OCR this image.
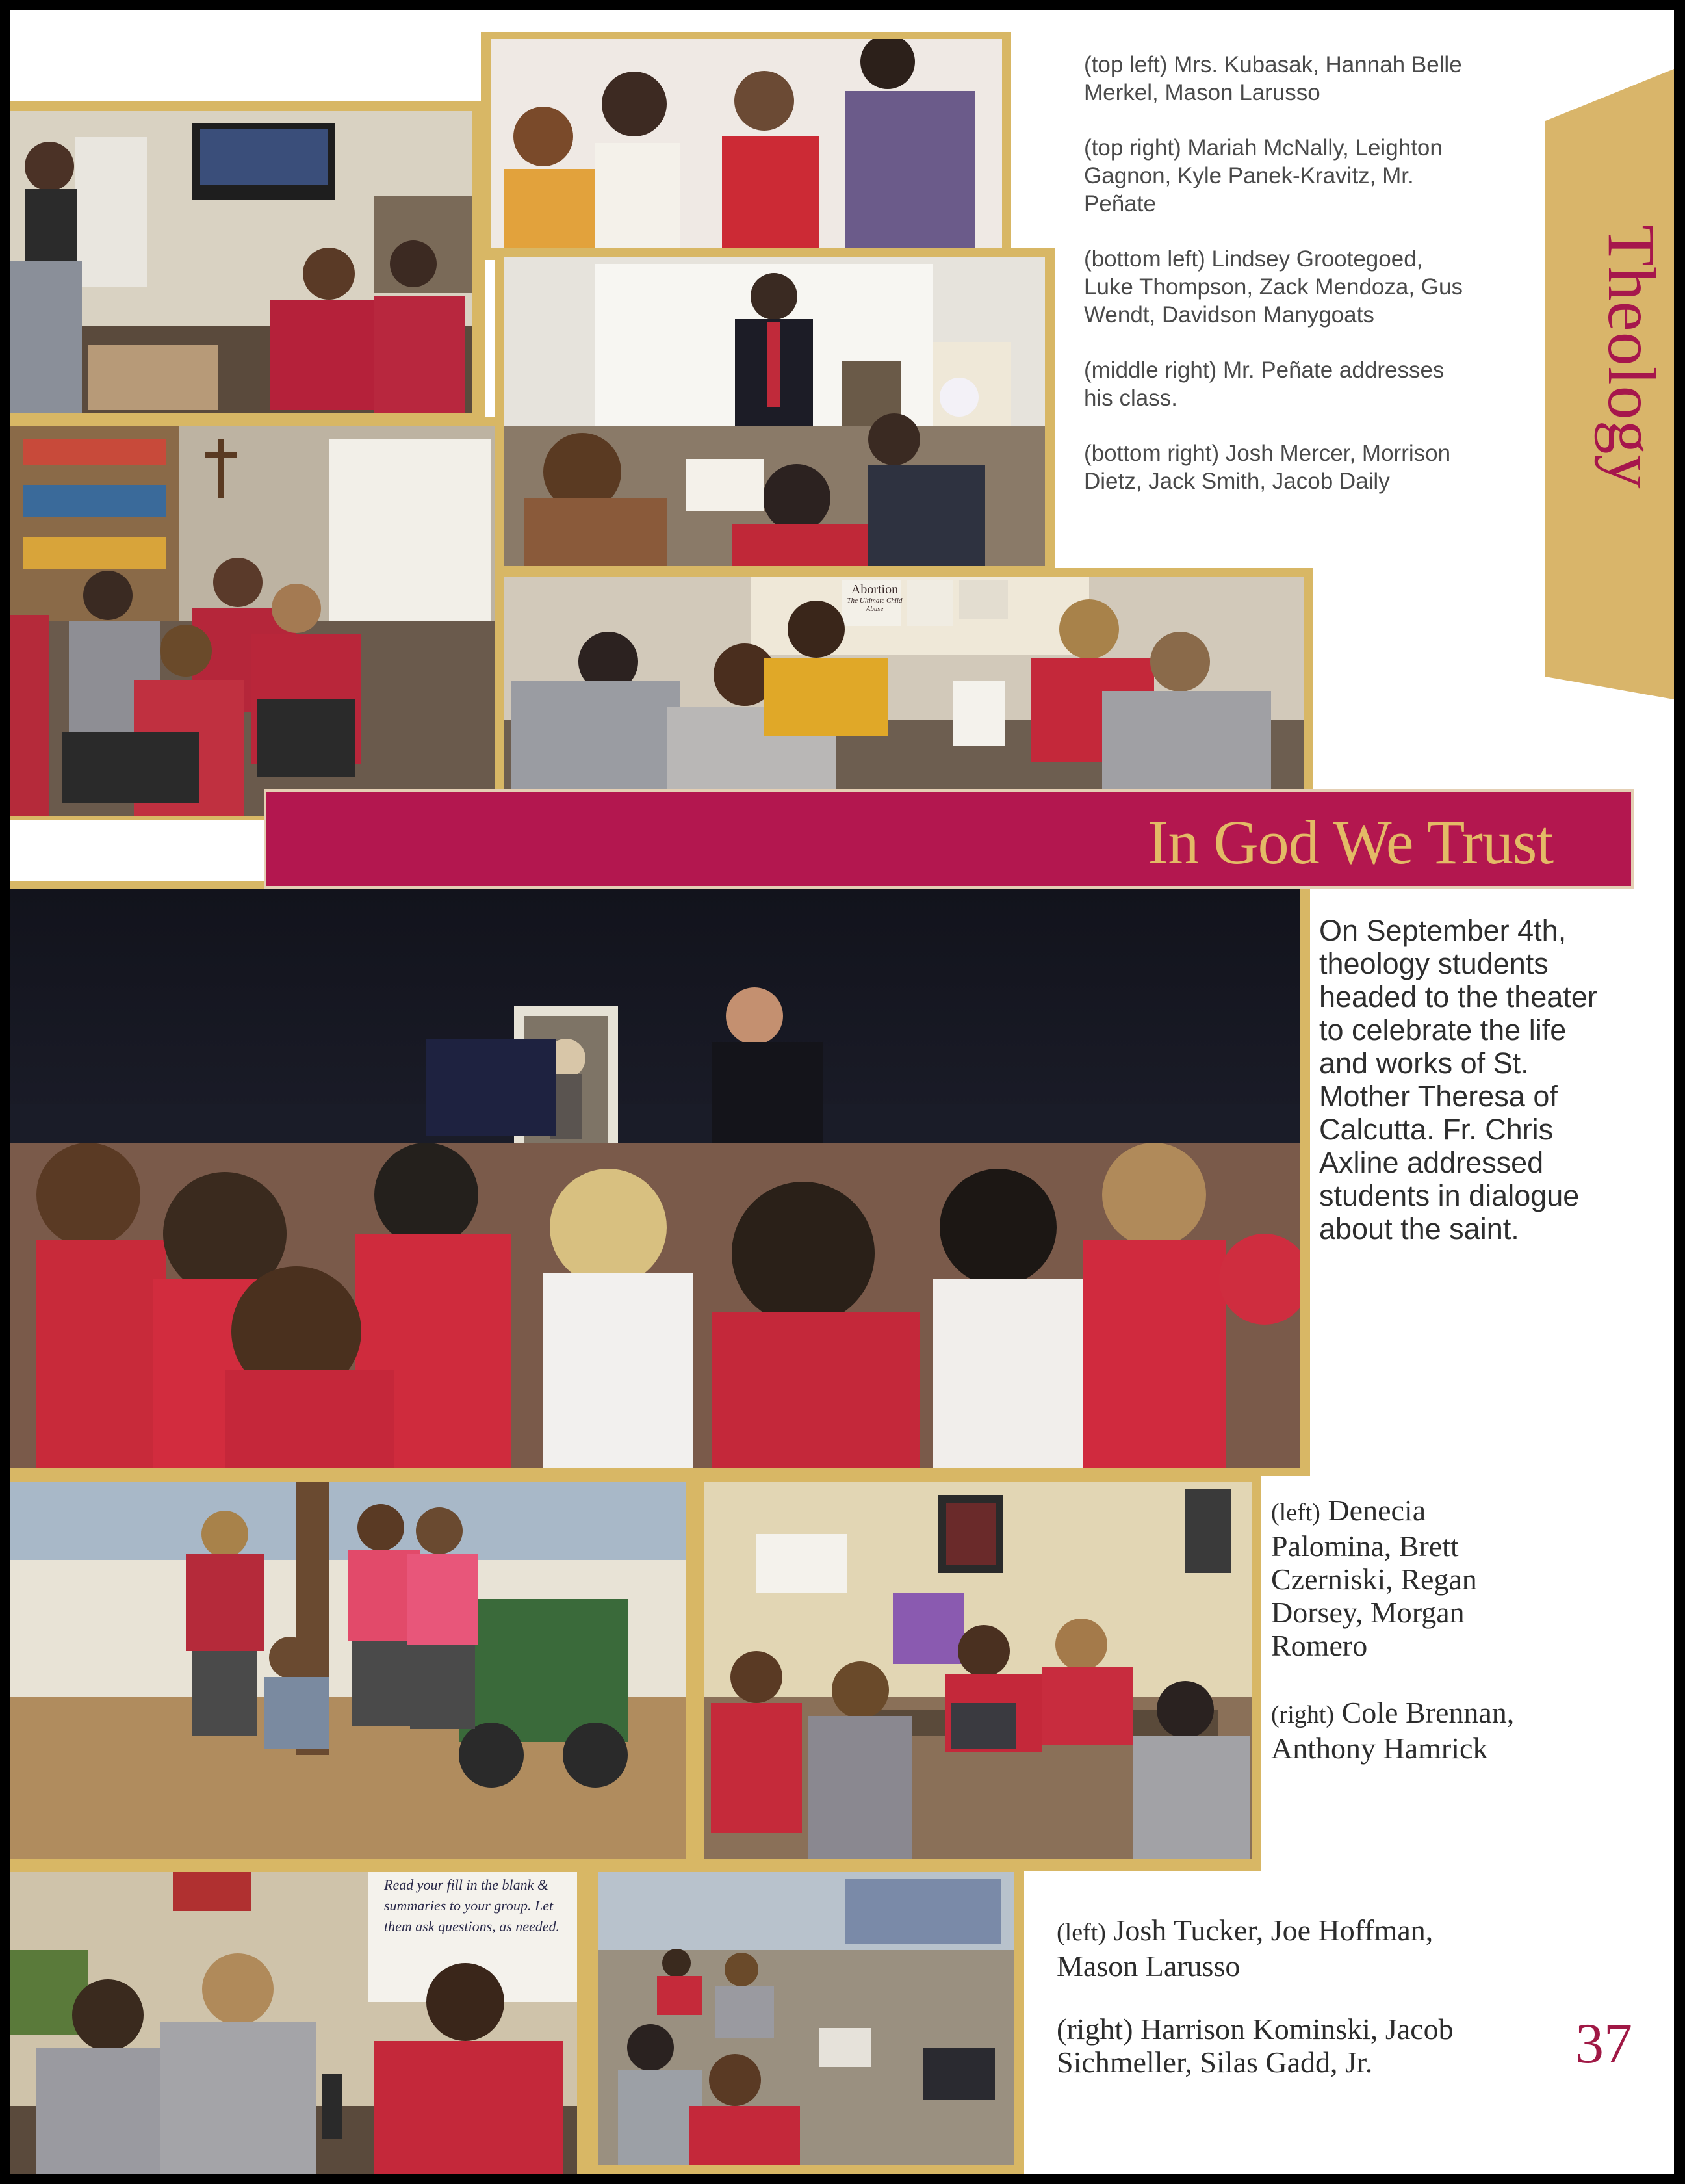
In God We Trust
Read your fill in the blank & summaries to your group. Let them ask questions, as needed.
Theology

(top left) Mrs. Kubasak, Hannah Belle Merkel, Mason Larusso

(top right) Mariah McNally, Leighton Gagnon, Kyle Panek-Kravitz, Mr. Peñate

(bottom left) Lindsey Grootegoed, Luke Thompson, Zack Mendoza, Gus Wendt, Davidson Manygoats

(middle right) Mr. Peñate addresses his class.

(bottom right) Josh Mercer, Morrison Dietz, Jack Smith, Jacob Daily

On September 4th, theology students headed to the theater to celebrate the life and works of St. Mother Theresa of Calcutta. Fr. Chris Axline addressed students in dialogue about the saint.

(left) Denecia Palomina, Brett Czerniski, Regan Dorsey, Morgan Romero

(right) Cole Brennan, Anthony Hamrick

(left) Josh Tucker, Joe Hoffman, Mason Larusso

(right) Harrison Kominski, Jacob Sichmeller, Silas Gadd, Jr.

Abortion
The Ultimate Child Abuse
37
